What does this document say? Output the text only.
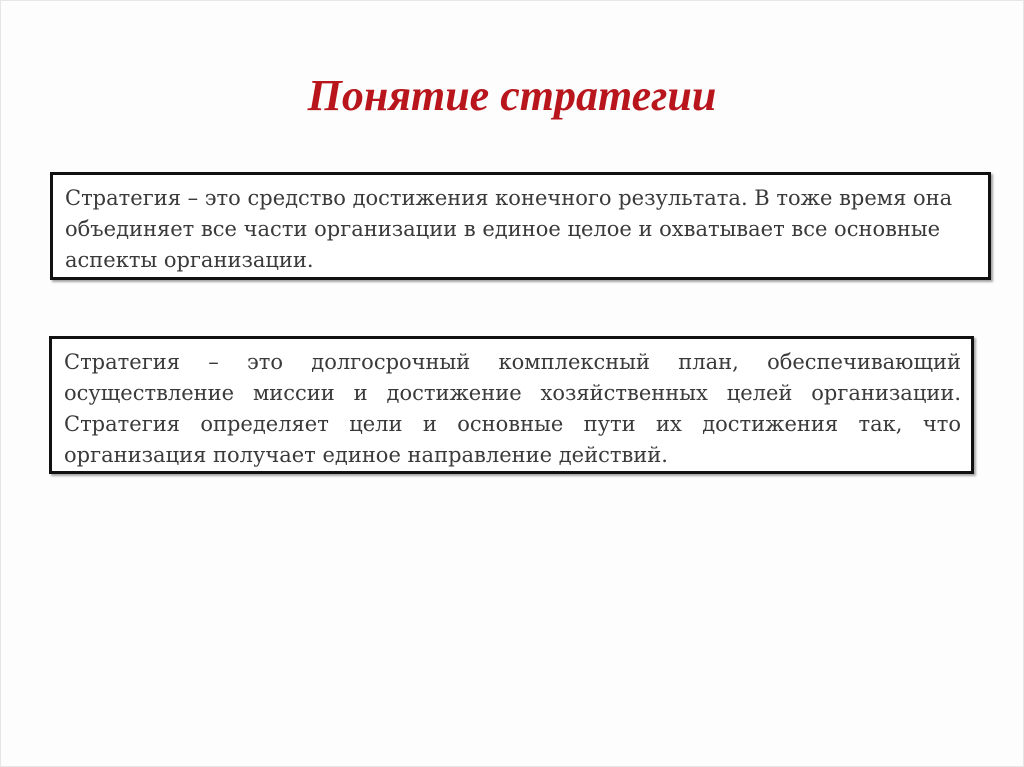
Понятие стратегии

Стратегия – это средство достижения конечного результата. В тоже время она объединяет все части организации в единое целое и охватывает все основные аспекты организации.

Стратегия – это долгосрочный комплексный план, обеспечивающий осуществление миссии и достижение хозяйственных целей организации. Стратегия определяет цели и основные пути их достижения так, что организация получает единое направление действий.
